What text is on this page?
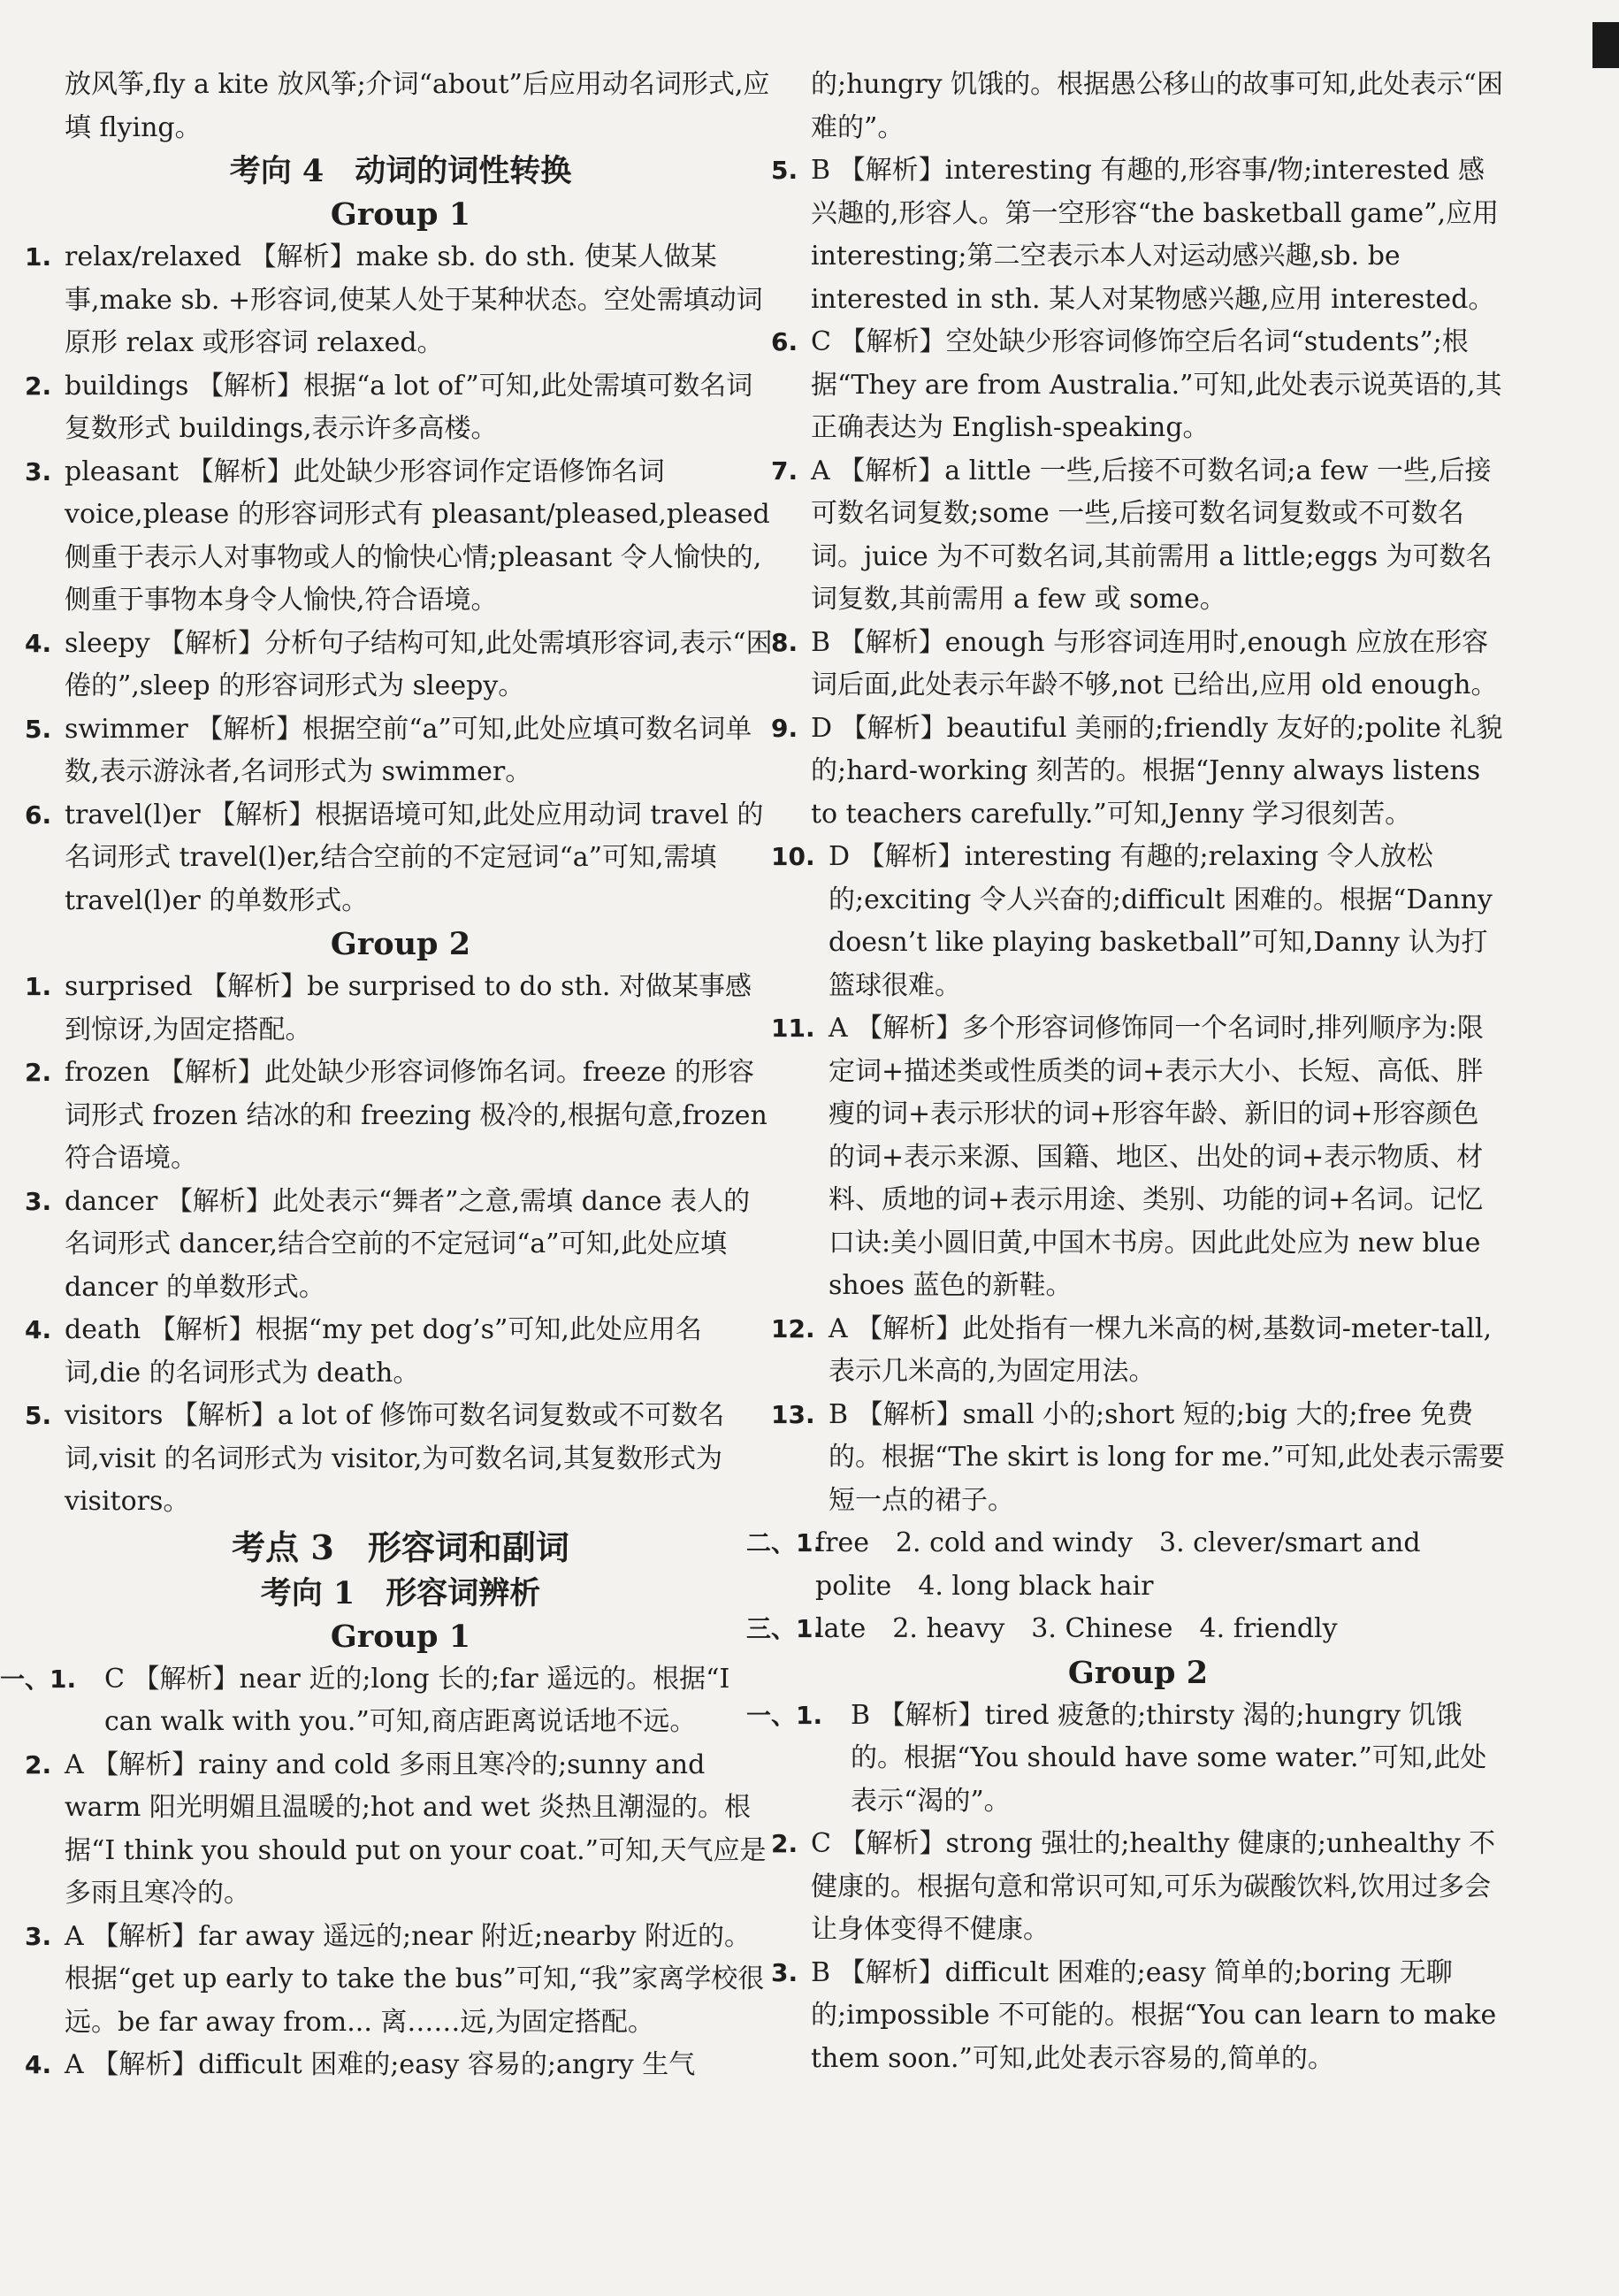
放风筝,fly a kite 放风筝;介词“about”后应用动名词形式,应填 flying。
考向 4　动词的词性转换
Group 1
1. relax/relaxed 【解析】make sb. do sth. 使某人做某事,make sb. +形容词,使某人处于某种状态。空处需填动词原形 relax 或形容词 relaxed。
2. buildings 【解析】根据“a lot of”可知,此处需填可数名词复数形式 buildings,表示许多高楼。
3. pleasant 【解析】此处缺少形容词作定语修饰名词 voice,please 的形容词形式有 pleasant/pleased,pleased 侧重于表示人对事物或人的愉快心情;pleasant 令人愉快的,侧重于事物本身令人愉快,符合语境。
4. sleepy 【解析】分析句子结构可知,此处需填形容词,表示“困倦的”,sleep 的形容词形式为 sleepy。
5. swimmer 【解析】根据空前“a”可知,此处应填可数名词单数,表示游泳者,名词形式为 swimmer。
6. travel(l)er 【解析】根据语境可知,此处应用动词 travel 的名词形式 travel(l)er,结合空前的不定冠词“a”可知,需填 travel(l)er 的单数形式。
Group 2
1. surprised 【解析】be surprised to do sth. 对做某事感到惊讶,为固定搭配。
2. frozen 【解析】此处缺少形容词修饰名词。freeze 的形容词形式 frozen 结冰的和 freezing 极冷的,根据句意,frozen 符合语境。
3. dancer 【解析】此处表示“舞者”之意,需填 dance 表人的名词形式 dancer,结合空前的不定冠词“a”可知,此处应填 dancer 的单数形式。
4. death 【解析】根据“my pet dog’s”可知,此处应用名词,die 的名词形式为 death。
5. visitors 【解析】a lot of 修饰可数名词复数或不可数名词,visit 的名词形式为 visitor,为可数名词,其复数形式为 visitors。
考点 3　形容词和副词
考向 1　形容词辨析
Group 1
一、1. C 【解析】near 近的;long 长的;far 遥远的。根据“I can walk with you.”可知,商店距离说话地不远。
2. A 【解析】rainy and cold 多雨且寒冷的;sunny and warm 阳光明媚且温暖的;hot and wet 炎热且潮湿的。根据“I think you should put on your coat.”可知,天气应是多雨且寒冷的。
3. A 【解析】far away 遥远的;near 附近;nearby 附近的。根据“get up early to take the bus”可知,“我”家离学校很远。be far away from... 离……远,为固定搭配。
4. A 【解析】difficult 困难的;easy 容易的;angry 生气
的;hungry 饥饿的。根据愚公移山的故事可知,此处表示“困难的”。
5. B 【解析】interesting 有趣的,形容事/物;interested 感兴趣的,形容人。第一空形容“the basketball game”,应用 interesting;第二空表示本人对运动感兴趣,sb. be interested in sth. 某人对某物感兴趣,应用 interested。
6. C 【解析】空处缺少形容词修饰空后名词“students”;根据“They are from Australia.”可知,此处表示说英语的,其正确表达为 English-speaking。
7. A 【解析】a little 一些,后接不可数名词;a few 一些,后接可数名词复数;some 一些,后接可数名词复数或不可数名词。juice 为不可数名词,其前需用 a little;eggs 为可数名词复数,其前需用 a few 或 some。
8. B 【解析】enough 与形容词连用时,enough 应放在形容词后面,此处表示年龄不够,not 已给出,应用 old enough。
9. D 【解析】beautiful 美丽的;friendly 友好的;polite 礼貌的;hard-working 刻苦的。根据“Jenny always listens to teachers carefully.”可知,Jenny 学习很刻苦。
10. D 【解析】interesting 有趣的;relaxing 令人放松的;exciting 令人兴奋的;difficult 困难的。根据“Danny doesn’t like playing basketball”可知,Danny 认为打篮球很难。
11. A 【解析】多个形容词修饰同一个名词时,排列顺序为:限定词+描述类或性质类的词+表示大小、长短、高低、胖瘦的词+表示形状的词+形容年龄、新旧的词+形容颜色的词+表示来源、国籍、地区、出处的词+表示物质、材料、质地的词+表示用途、类别、功能的词+名词。记忆口诀:美小圆旧黄,中国木书房。因此此处应为 new blue shoes 蓝色的新鞋。
12. A 【解析】此处指有一棵九米高的树,基数词-meter-tall,表示几米高的,为固定用法。
13. B 【解析】small 小的;short 短的;big 大的;free 免费的。根据“The skirt is long for me.”可知,此处表示需要短一点的裙子。
二、1.
free　2. cold and windy　3. clever/smart and polite　4. long black hair
三、1.
late　2. heavy　3. Chinese　4. friendly
Group 2
一、1. B 【解析】tired 疲惫的;thirsty 渴的;hungry 饥饿的。根据“You should have some water.”可知,此处表示“渴的”。
2. C 【解析】strong 强壮的;healthy 健康的;unhealthy 不健康的。根据句意和常识可知,可乐为碳酸饮料,饮用过多会让身体变得不健康。
3. B 【解析】difficult 困难的;easy 简单的;boring 无聊的;impossible 不可能的。根据“You can learn to make them soon.”可知,此处表示容易的,简单的。
